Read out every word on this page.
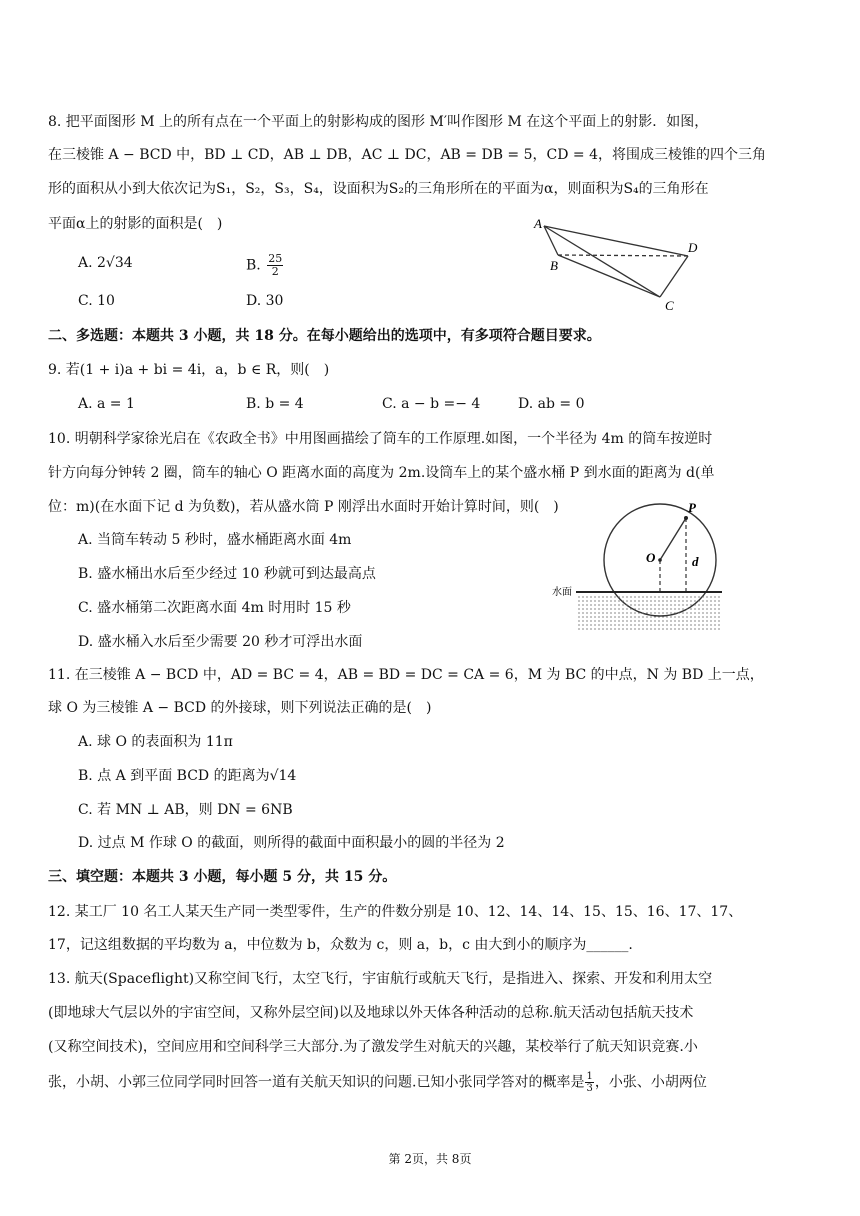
8. 把平面图形 M 上的所有点在一个平面上的射影构成的图形 M′叫作图形 M 在这个平面上的射影．如图，
在三棱锥 A − BCD 中，BD ⊥ CD，AB ⊥ DB，AC ⊥ DC，AB = DB = 5，CD = 4，将围成三棱锥的四个三角
形的面积从小到大依次记为S₁，S₂，S₃，S₄，设面积为S₂的三角形所在的平面为α，则面积为S₄的三角形在
平面α上的射影的面积是(　)
A. 2√34	B. $\frac{25}{2}$
C. 10	D. 30
A
B
D
C
二、多选题：本题共 3 小题，共 18 分。在每小题给出的选项中，有多项符合题目要求。
9. 若(1 + i)a + bi = 4i，a，b ∈ R，则(　)
A. a = 1	B. b = 4	C. a − b =− 4	D. ab = 0
10. 明朝科学家徐光启在《农政全书》中用图画描绘了筒车的工作原理.如图，一个半径为 4m 的筒车按逆时
针方向每分钟转 2 圈，筒车的轴心 O 距离水面的高度为 2m.设筒车上的某个盛水桶 P 到水面的距离为 d(单
位：m)(在水面下记 d 为负数)，若从盛水筒 P 刚浮出水面时开始计算时间，则(　)
A. 当筒车转动 5 秒时，盛水桶距离水面 4m
B. 盛水桶出水后至少经过 10 秒就可到达最高点
C. 盛水桶第二次距离水面 4m 时用时 15 秒
D. 盛水桶入水后至少需要 20 秒才可浮出水面
P
O	d
水面
11. 在三棱锥 A − BCD 中，AD = BC = 4，AB = BD = DC = CA = 6，M 为 BC 的中点，N 为 BD 上一点，
球 O 为三棱锥 A − BCD 的外接球，则下列说法正确的是(　)
A. 球 O 的表面积为 11π
B. 点 A 到平面 BCD 的距离为√14
C. 若 MN ⊥ AB，则 DN = 6NB
D. 过点 M 作球 O 的截面，则所得的截面中面积最小的圆的半径为 2
三、填空题：本题共 3 小题，每小题 5 分，共 15 分。
12. 某工厂 10 名工人某天生产同一类型零件，生产的件数分别是 10、12、14、14、15、15、16、17、17、
17，记这组数据的平均数为 a，中位数为 b，众数为 c，则 a，b，c 由大到小的顺序为______.
13. 航天(Spaceflight)又称空间飞行，太空飞行，宇宙航行或航天飞行，是指进入、探索、开发和利用太空
(即地球大气层以外的宇宙空间，又称外层空间)以及地球以外天体各种活动的总称.航天活动包括航天技术
(又称空间技术)，空间应用和空间科学三大部分.为了激发学生对航天的兴趣，某校举行了航天知识竞赛.小
张，小胡、小郭三位同学同时回答一道有关航天知识的问题.已知小张同学答对的概率是 $\frac{1}{3}$ ，小张、小胡两位
第 2页，共 8页
